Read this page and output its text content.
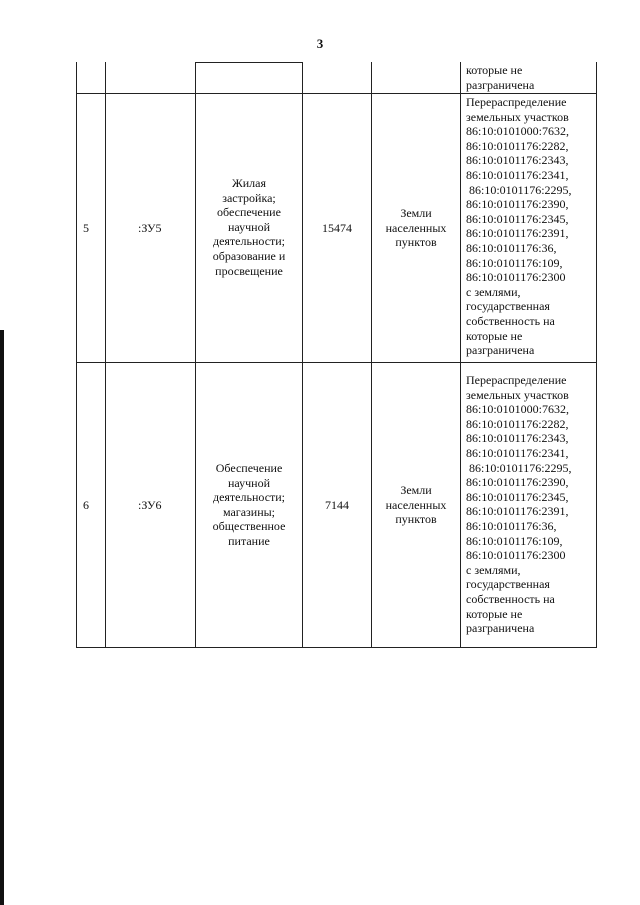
3
которые не
разграничена
5	:ЗУ5
Жилая
застройка;
обеспечение
научной
деятельности;
образование и
просвещение
15474
Земли
населенных
пунктов
Перераспределение
земельных участков
86:10:0101000:7632,
86:10:0101176:2282,
86:10:0101176:2343,
86:10:0101176:2341,
86:10:0101176:2295,
86:10:0101176:2390,
86:10:0101176:2345,
86:10:0101176:2391,
86:10:0101176:36,
86:10:0101176:109,
86:10:0101176:2300
с землями,
государственная
собственность на
которые не
разграничена
6	:ЗУ6
Обеспечение
научной
деятельности;
магазины;
общественное
питание
7144
Земли
населенных
пунктов
Перераспределение
земельных участков
86:10:0101000:7632,
86:10:0101176:2282,
86:10:0101176:2343,
86:10:0101176:2341,
86:10:0101176:2295,
86:10:0101176:2390,
86:10:0101176:2345,
86:10:0101176:2391,
86:10:0101176:36,
86:10:0101176:109,
86:10:0101176:2300
с землями,
государственная
собственность на
которые не
разграничена
